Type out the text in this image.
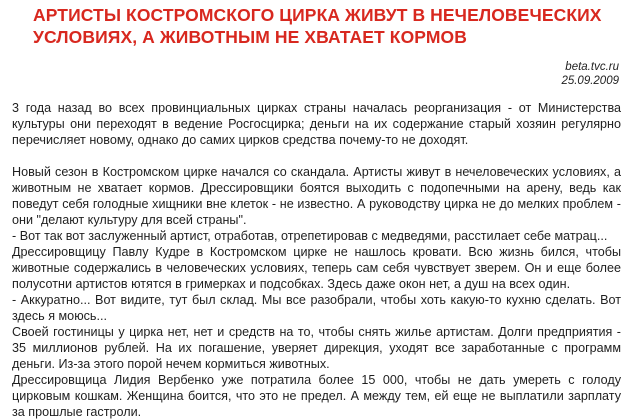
АРТИСТЫ КОСТРОМСКОГО ЦИРКА ЖИВУТ В НЕЧЕЛОВЕЧЕСКИХ УСЛОВИЯХ, А ЖИВОТНЫМ НЕ ХВАТАЕТ КОРМОВ
beta.tvc.ru
25.09.2009

3 года назад во всех провинциальных цирках страны началась реорганизация - от Министерства культуры они переходят в ведение Росгосцирка; деньги на их содержание старый хозяин регулярно перечисляет новому, однако до самих цирков средства почему-то не доходят.

Новый сезон в Костромском цирке начался со скандала. Артисты живут в нечеловеческих условиях, а животным не хватает кормов. Дрессировщики боятся выходить с подопечными на арену, ведь как поведут себя голодные хищники вне клеток - не известно. А руководству цирка не до мелких проблем - они "делают культуру для всей страны".

- Вот так вот заслуженный артист, отработав, отрепетировав с медведями, расстилает себе матрац...

Дрессировщицу Павлу Кудре в Костромском цирке не нашлось кровати. Всю жизнь бился, чтобы животные содержались в человеческих условиях, теперь сам себя чувствует зверем. Он и еще более полусотни артистов ютятся в гримерках и подсобках. Здесь даже окон нет, а душ на всех один.

- Аккуратно... Вот видите, тут был склад. Мы все разобрали, чтобы хоть какую-то кухню сделать. Вот здесь я моюсь...

Своей гостиницы у цирка нет, нет и средств на то, чтобы снять жилье артистам. Долги предприятия - 35 миллионов рублей. На их погашение, уверяет дирекция, уходят все заработанные с программ деньги. Из-за этого порой нечем кормиться животных.

Дрессировщица Лидия Вербенко уже потратила более 15 000, чтобы не дать умереть с голоду цирковым кошкам. Женщина боится, что это не предел. А между тем, ей еще не выплатили зарплату за прошлые гастроли.
